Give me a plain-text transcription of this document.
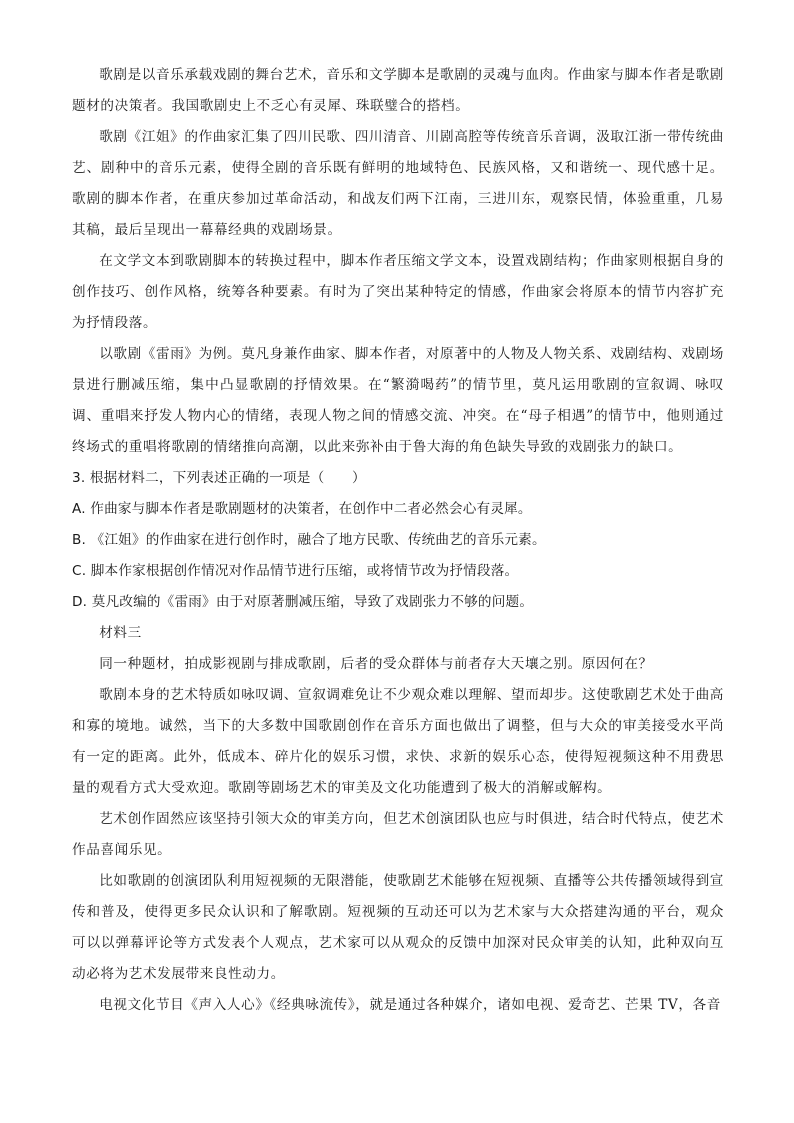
歌剧是以音乐承载戏剧的舞台艺术，音乐和文学脚本是歌剧的灵魂与血肉。作曲家与脚本作者是歌剧题材的决策者。我国歌剧史上不乏心有灵犀、珠联璧合的搭档。

歌剧《江姐》的作曲家汇集了四川民歌、四川清音、川剧高腔等传统音乐音调，汲取江浙一带传统曲艺、剧种中的音乐元素，使得全剧的音乐既有鲜明的地域特色、民族风格，又和谐统一、现代感十足。歌剧的脚本作者，在重庆参加过革命活动，和战友们两下江南，三进川东，观察民情，体验重重，几易其稿，最后呈现出一幕幕经典的戏剧场景。

在文学文本到歌剧脚本的转换过程中，脚本作者压缩文学文本，设置戏剧结构；作曲家则根据自身的创作技巧、创作风格，统筹各种要素。有时为了突出某种特定的情感，作曲家会将原本的情节内容扩充为抒情段落。

以歌剧《雷雨》为例。莫凡身兼作曲家、脚本作者，对原著中的人物及人物关系、戏剧结构、戏剧场景进行删减压缩，集中凸显歌剧的抒情效果。在“繁漪喝药”的情节里，莫凡运用歌剧的宣叙调、咏叹调、重唱来抒发人物内心的情绪，表现人物之间的情感交流、冲突。在“母子相遇”的情节中，他则通过终场式的重唱将歌剧的情绪推向高潮，以此来弥补由于鲁大海的角色缺失导致的戏剧张力的缺口。

3. 根据材料二，下列表述正确的一项是（　　）

A. 作曲家与脚本作者是歌剧题材的决策者，在创作中二者必然会心有灵犀。

B. 《江姐》的作曲家在进行创作时，融合了地方民歌、传统曲艺的音乐元素。

C. 脚本作家根据创作情况对作品情节进行压缩，或将情节改为抒情段落。

D. 莫凡改编的《雷雨》由于对原著删减压缩，导致了戏剧张力不够的问题。

材料三

同一种题材，拍成影视剧与排成歌剧，后者的受众群体与前者存大天壤之别。原因何在？

歌剧本身的艺术特质如咏叹调、宣叙调难免让不少观众难以理解、望而却步。这使歌剧艺术处于曲高和寡的境地。诚然，当下的大多数中国歌剧创作在音乐方面也做出了调整，但与大众的审美接受水平尚有一定的距离。此外，低成本、碎片化的娱乐习惯，求快、求新的娱乐心态，使得短视频这种不用费思量的观看方式大受欢迎。歌剧等剧场艺术的审美及文化功能遭到了极大的消解或解构。

艺术创作固然应该坚持引领大众的审美方向，但艺术创演团队也应与时俱进，结合时代特点，使艺术作品喜闻乐见。

比如歌剧的创演团队利用短视频的无限潜能，使歌剧艺术能够在短视频、直播等公共传播领域得到宣传和普及，使得更多民众认识和了解歌剧。短视频的互动还可以为艺术家与大众搭建沟通的平台，观众可以以弹幕评论等方式发表个人观点，艺术家可以从观众的反馈中加深对民众审美的认知，此种双向互动必将为艺术发展带来良性动力。

电视文化节目《声入人心》《经典咏流传》，就是通过各种媒介，诸如电视、爱奇艺、芒果 TV，各音
